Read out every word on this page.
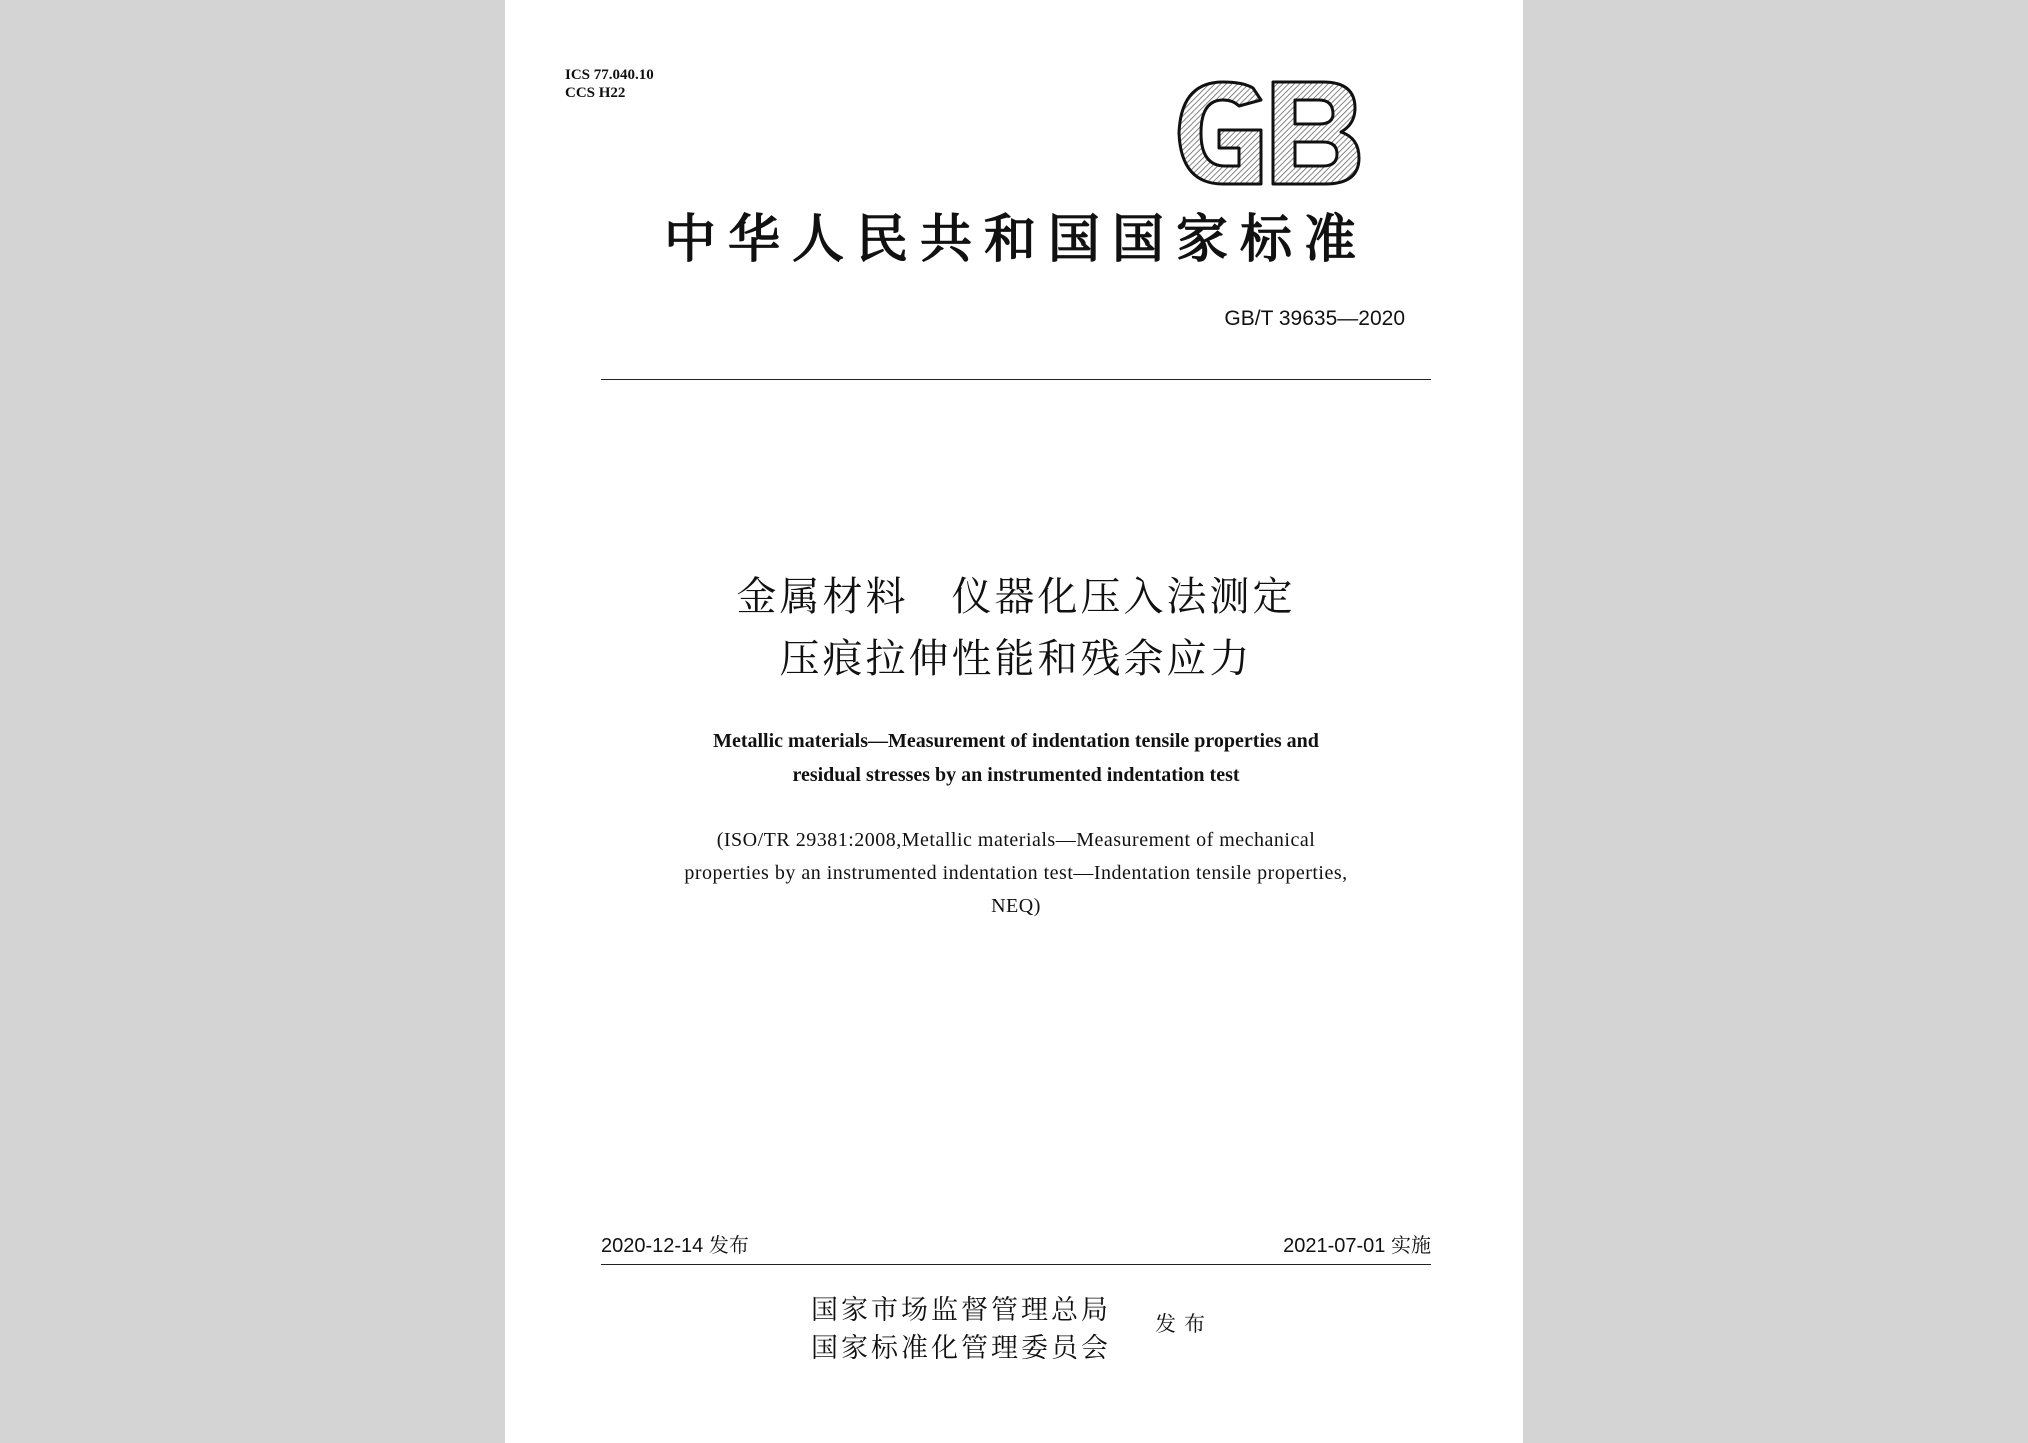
ICS 77.040.10
CCS H22
中华人民共和国国家标准
GB/T 39635—2020
金属材料　仪器化压入法测定
压痕拉伸性能和残余应力
Metallic materials—Measurement of indentation tensile properties and
residual stresses by an instrumented indentation test
(ISO/TR 29381:2008,Metallic materials—Measurement of mechanical
properties by an instrumented indentation test—Indentation tensile properties,
NEQ)
2020-12-14 发布	2021-07-01 实施
国家市场监督管理总局
国家标准化管理委员会
发布
